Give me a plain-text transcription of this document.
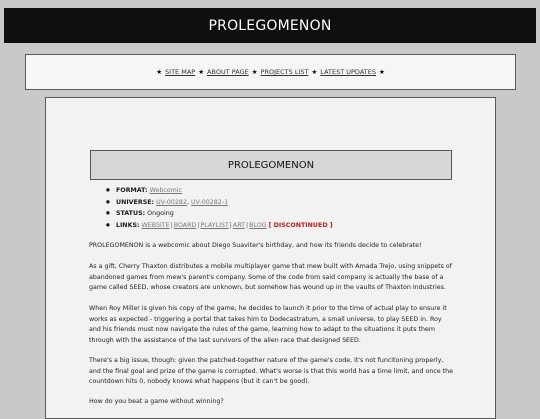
PROLEGOMENON
★ SITE MAP ★ ABOUT PAGE ★ PROJECTS LIST ★ LATEST UPDATES ★
PROLEGOMENON
● FORMAT: Webcomic
● UNIVERSE: UV-00282, UV-00282-1
● STATUS: Ongoing
● LINKS: WEBSITE|BOARD|PLAYLIST|ART|BLOG [ DISCONTINUED ]

PROLEGOMENON is a webcomic about Diego Suaviter's birthday, and how its friends decide to celebrate!

As a gift, Cherry Thaxton distributes a mobile multiplayer game that mew built with Amada Trejo, using snippets of abandoned games from mew's parent's company. Some of the code from said company is actually the base of a game called SEED, whose creators are unknown, but somehow has wound up in the vaults of Thaxton Industries.

When Roy Miller is given his copy of the game, he decides to launch it prior to the time of actual play to ensure it works as expected - triggering a portal that takes him to Dodecastratum, a small universe, to play SEED in. Roy and his friends must now navigate the rules of the game, learning how to adapt to the situations it puts them through with the assistance of the last survivors of the alien race that designed SEED.

There's a big issue, though: given the patched-together nature of the game's code, it's not funcitoning properly, and the final goal and prize of the game is corrupted. What's worse is that this world has a time limit, and once the countdown hits 0, nobody knows what happens (but it can't be good).

How do you beat a game without winning?
